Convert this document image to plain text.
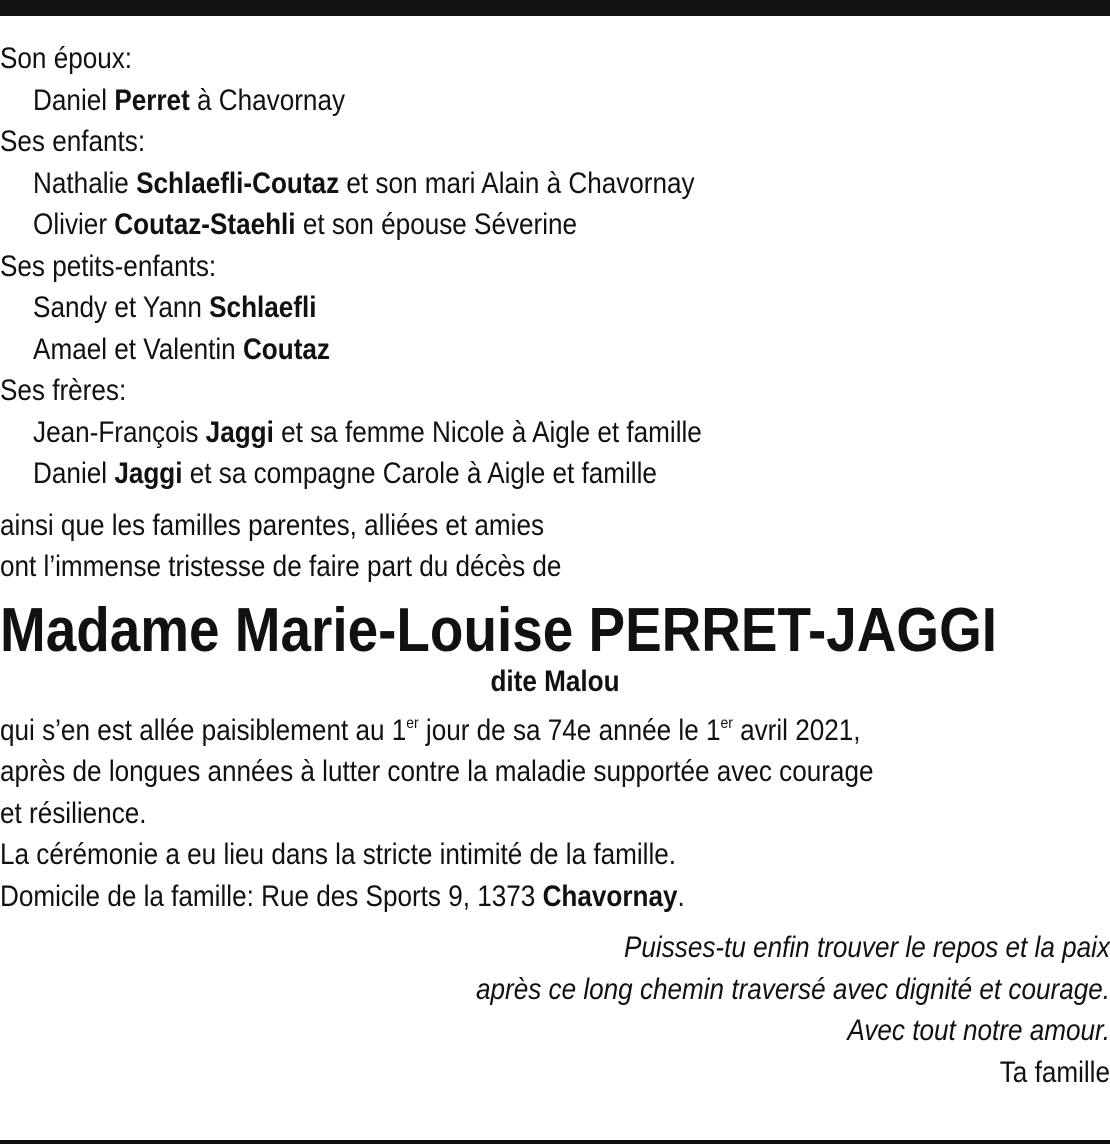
Son époux:
Daniel Perret à Chavornay
Ses enfants:
Nathalie Schlaefli-Coutaz et son mari Alain à Chavornay
Olivier Coutaz-Staehli et son épouse Séverine
Ses petits-enfants:
Sandy et Yann Schlaefli
Amael et Valentin Coutaz
Ses frères:
Jean-François Jaggi et sa femme Nicole à Aigle et famille
Daniel Jaggi et sa compagne Carole à Aigle et famille
ainsi que les familles parentes, alliées et amies
ont l’immense tristesse de faire part du décès de
Madame Marie-Louise PERRET-JAGGI
dite Malou
qui s’en est allée paisiblement au 1er jour de sa 74e année le 1er avril 2021,
après de longues années à lutter contre la maladie supportée avec courage
et résilience.
La cérémonie a eu lieu dans la stricte intimité de la famille.
Domicile de la famille: Rue des Sports 9, 1373 Chavornay.
Puisses-tu enfin trouver le repos et la paix
après ce long chemin traversé avec dignité et courage.
Avec tout notre amour.
Ta famille
